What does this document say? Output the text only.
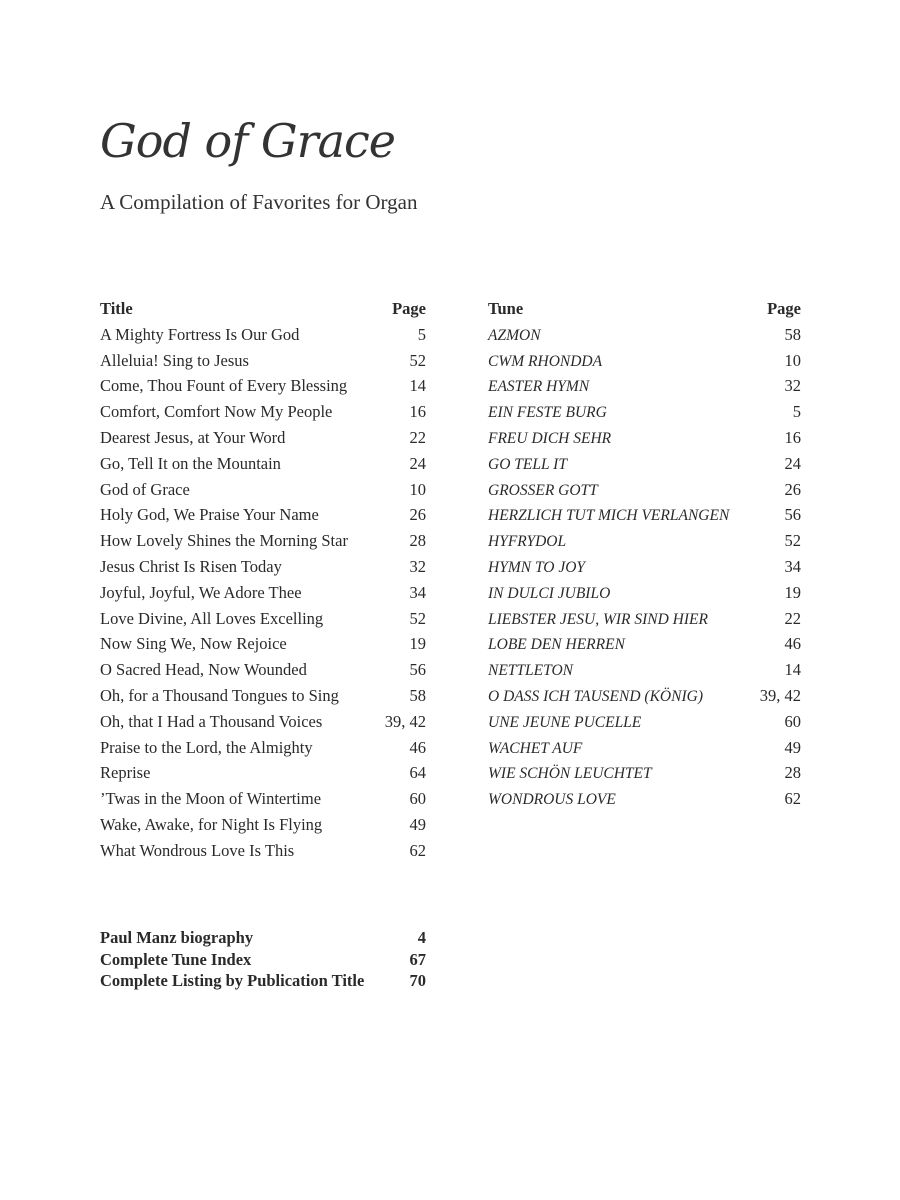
God of Grace
A Compilation of Favorites for Organ
Title	Page
A Mighty Fortress Is Our God	5
Alleluia! Sing to Jesus	52
Come, Thou Fount of Every Blessing	14
Comfort, Comfort Now My People	16
Dearest Jesus, at Your Word	22
Go, Tell It on the Mountain	24
God of Grace	10
Holy God, We Praise Your Name	26
How Lovely Shines the Morning Star	28
Jesus Christ Is Risen Today	32
Joyful, Joyful, We Adore Thee	34
Love Divine, All Loves Excelling	52
Now Sing We, Now Rejoice	19
O Sacred Head, Now Wounded	56
Oh, for a Thousand Tongues to Sing	58
Oh, that I Had a Thousand Voices	39, 42
Praise to the Lord, the Almighty	46
Reprise	64
’Twas in the Moon of Wintertime	60
Wake, Awake, for Night Is Flying	49
What Wondrous Love Is This	62
Tune	Page
AZMON	58
CWM RHONDDA	10
EASTER HYMN	32
EIN FESTE BURG	5
FREU DICH SEHR	16
GO TELL IT	24
GROSSER GOTT	26
HERZLICH TUT MICH VERLANGEN	56
HYFRYDOL	52
HYMN TO JOY	34
IN DULCI JUBILO	19
LIEBSTER JESU, WIR SIND HIER	22
LOBE DEN HERREN	46
NETTLETON	14
O DASS ICH TAUSEND (KÖNIG)	39, 42
UNE JEUNE PUCELLE	60
WACHET AUF	49
WIE SCHÖN LEUCHTET	28
WONDROUS LOVE	62
Paul Manz biography	4
Complete Tune Index	67
Complete Listing by Publication Title	70
